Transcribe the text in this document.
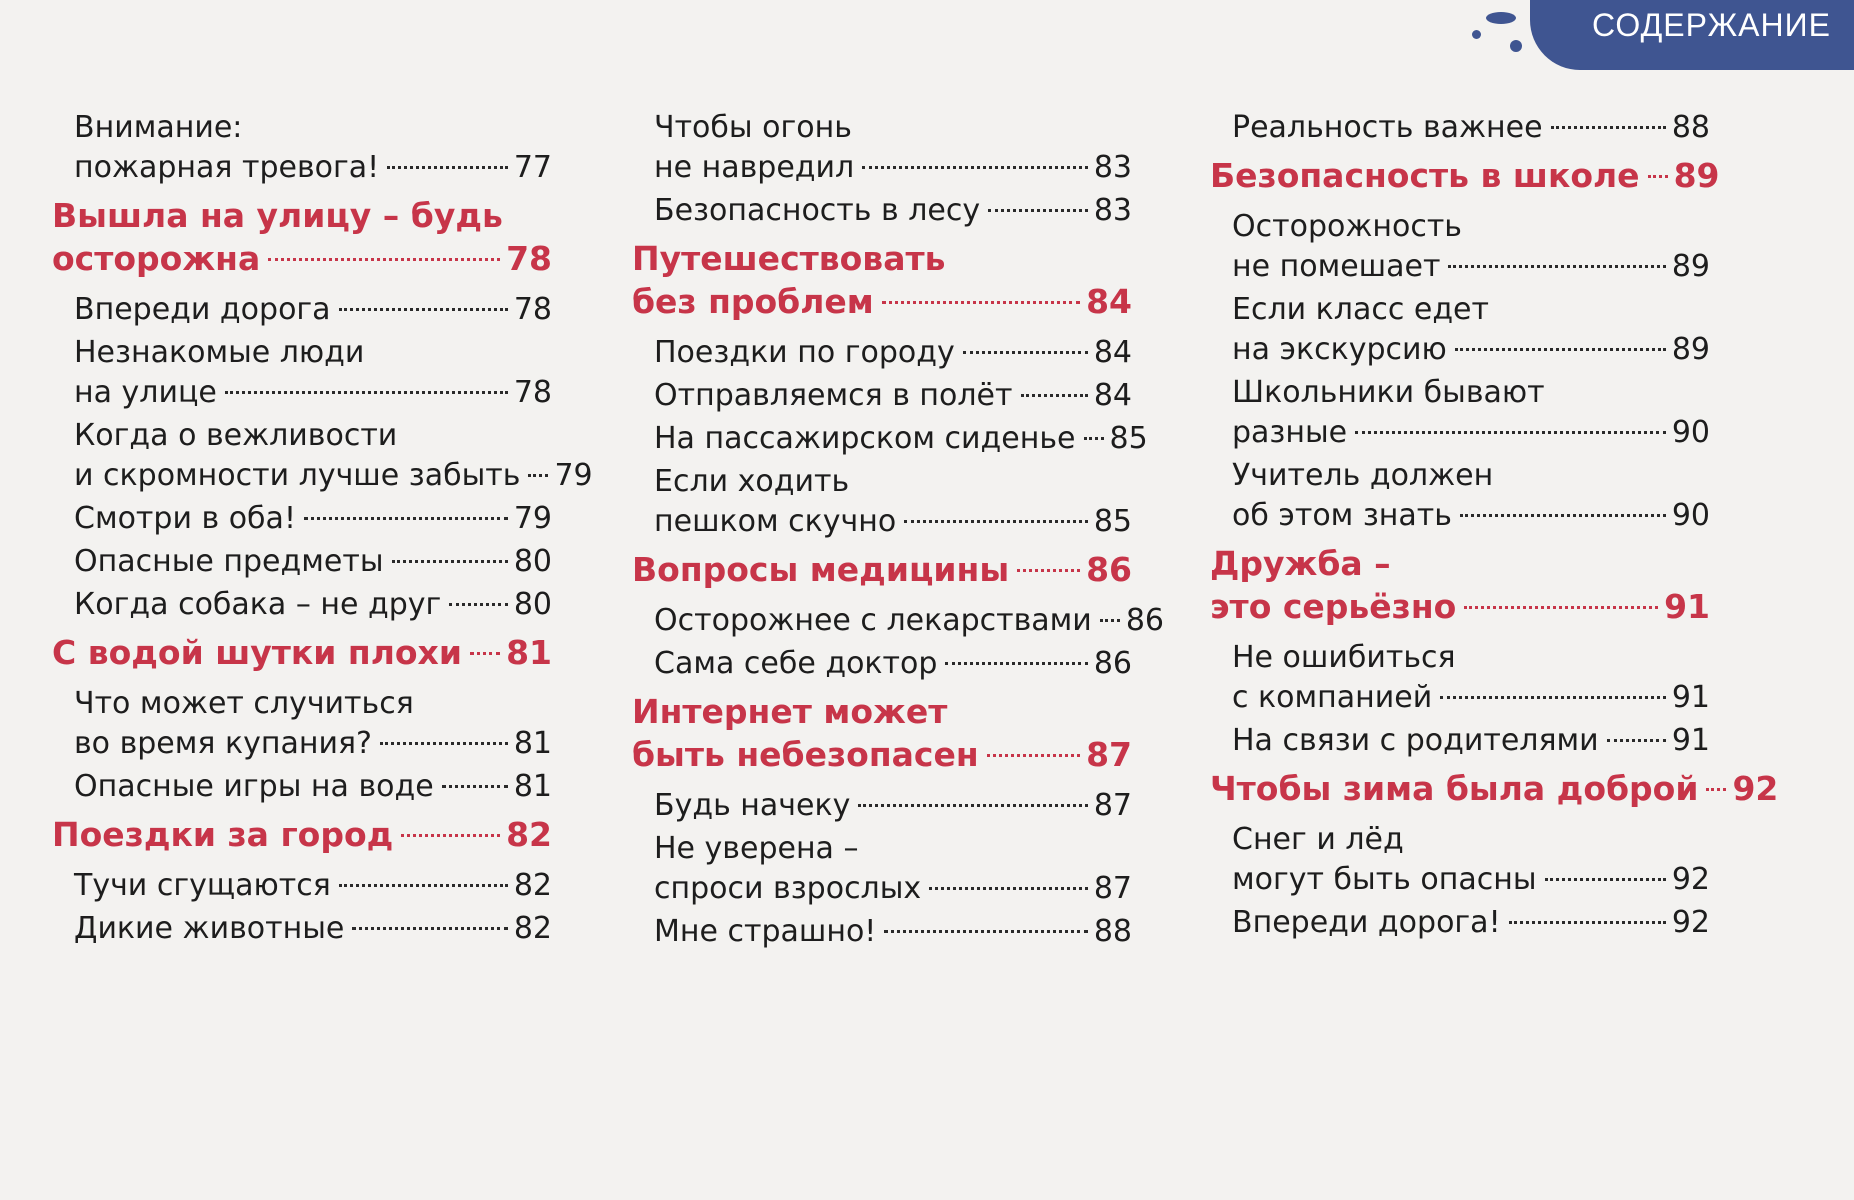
СОДЕРЖАНИЕ
Внимание:
пожарная тревога!	77
Вышла на улицу – будь
осторожна	78
Впереди дорога	78
Незнакомые люди
на улице	78
Когда о вежливости
и скромности лучше забыть 79
Смотри в оба!	79
Опасные предметы	80
Когда собака – не друг 80
С водой шутки плохи 81
Что может случиться
во время купания?	81
Опасные игры на воде	81
Поездки за город	82
Тучи сгущаются	82
Дикие животные	82
Чтобы огонь
не навредил	83
Безопасность в лесу	83
Путешествовать
без проблем	84
Поездки по городу	84
Отправляемся в полёт	84
На пассажирском сиденье 85
Если ходить
пешком скучно	85
Вопросы медицины 86
Осторожнее с лекарствами 86
Сама себе доктор	86
Интернет может
быть небезопасен	87
Будь начеку	87
Не уверена –
спроси взрослых	87
Мне страшно!	88
Реальность важнее	88
Безопасность в школе 89
Осторожность
не помешает	89
Если класс едет
на экскурсию	89
Школьники бывают
разные	90
Учитель должен
об этом знать	90
Дружба –
это серьёзно	91
Не ошибиться
с компанией	91
На связи с родителями 91
Чтобы зима была доброй 92
Снег и лёд
могут быть опасны	92
Впереди дорога!	92
